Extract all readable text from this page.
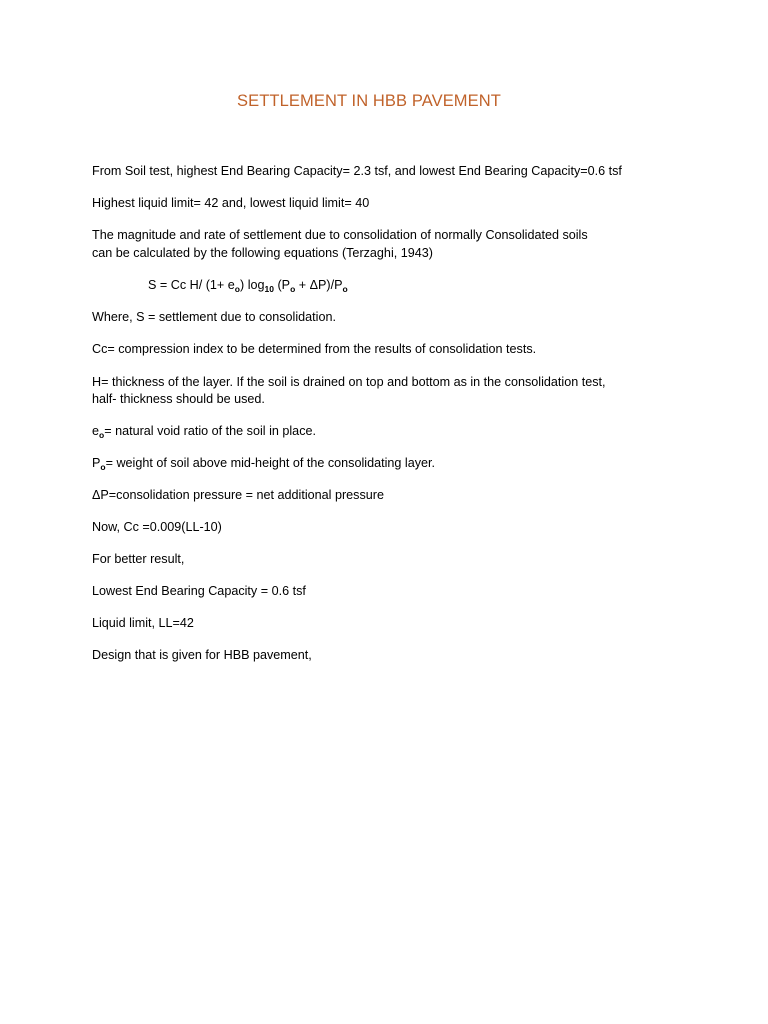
SETTLEMENT IN HBB PAVEMENT
From Soil test, highest End Bearing Capacity= 2.3 tsf, and lowest End Bearing Capacity=0.6 tsf
Highest liquid limit= 42 and, lowest liquid limit= 40
The magnitude and rate of settlement due to consolidation of normally Consolidated soils
can be calculated by the following equations (Terzaghi, 1943)
S = Cc H/ $(1+ e_o)$ $\log_{10} (P_o + \Delta P)/P_o$
Where, S = settlement due to consolidation.
Cc= compression index to be determined from the results of consolidation tests.
H= thickness of the layer. If the soil is drained on top and bottom as in the consolidation test,
half- thickness should be used.
$e_o=$ natural void ratio of the soil in place.
$P_o=$ weight of soil above mid-height of the consolidating layer.
ΔP=consolidation pressure = net additional pressure
Now, Cc =0.009(LL-10)
For better result,
Lowest End Bearing Capacity = 0.6 tsf
Liquid limit, LL=42
Design that is given for HBB pavement,
